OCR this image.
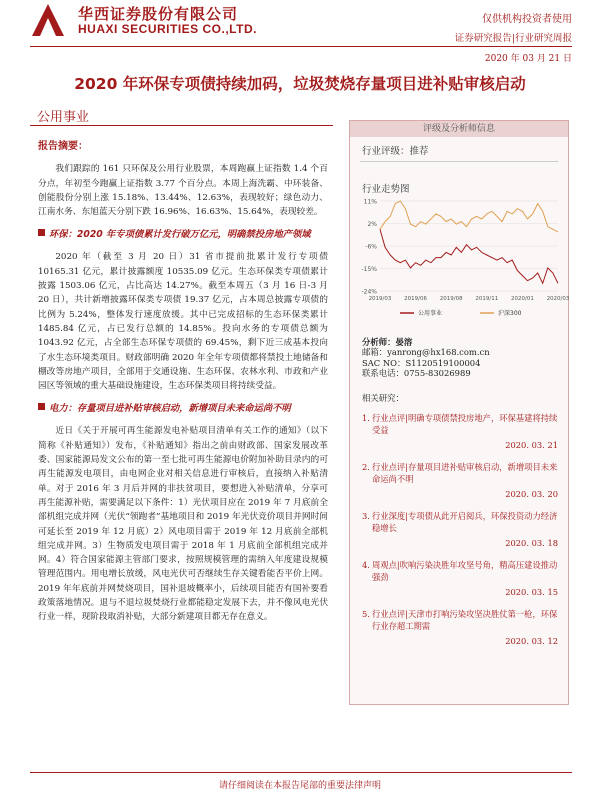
华西证券股份有限公司
HUAXI SECURITIES CO.,LTD.
仅供机构投资者使用
证券研究报告|行业研究周报
2020 年 03 月 21 日
2020 年环保专项债持续加码，垃圾焚烧存量项目进补贴审核启动
公用事业
报告摘要：
我们跟踪的 161 只环保及公用行业股票，本周跑赢上证指数 1.4 个百分点，年初至今跑赢上证指数 3.77 个百分点。本周上海洗霸、中环装备、创能股份分别上涨 15.18%、13.44%、12.63%，表现较好；绿色动力、江南水务、东旭蓝天分别下跌 16.96%、16.63%、15.64%，表现较差。
环保：2020 年专项债累计发行破万亿元，明确禁投房地产领域
2020 年（截至 3 月 20 日）31 省市提前批累计发行专项债 10165.31 亿元，累计披露额度 10535.09 亿元。生态环保类专项债累计披露 1503.06 亿元，占比高达 14.27%。截至本周五（3 月 16 日-3 月 20 日），共计新增披露环保类专项债 19.37 亿元，占本周总披露专项债的比例为 5.24%，整体发行速度放缓。其中已完成招标的生态环保类累计 1485.84 亿元，占已发行总额的 14.85%。投向水务的专项债总额为 1043.92 亿元，占全部生态环保专项债的 69.45%，剩下近三成基本投向了水生态环境类项目。财政部明确 2020 年全年专项债都将禁投土地储备和棚改等房地产项目，全部用于交通设施、生态环保、农林水利、市政和产业园区等领域的重大基础设施建设，生态环保类项目将持续受益。
电力：存量项目进补贴审核启动，新增项目未来命运尚不明
近日《关于开展可再生能源发电补贴项目清单有关工作的通知》（以下简称《补贴通知》）发布，《补贴通知》指出之前由财政部、国家发展改革委、国家能源局发文公布的第一至七批可再生能源电价附加补助目录内的可再生能源发电项目，由电网企业对相关信息进行审核后，直接纳入补贴清单。对于 2016 年 3 月后并网的非扶贫项目，要想进入补贴清单，分享可再生能源补贴，需要满足以下条件：1）光伏项目应在 2019 年 7 月底前全部机组完成并网（光伏“领跑者”基地项目和 2019 年光伏竞价项目并网时间可延长至 2019 年 12 月底）2）风电项目需于 2019 年 12 月底前全部机组完成并网。3）生物质发电项目需于 2018 年 1 月底前全部机组完成并网。4）符合国家能源主管部门要求，按照规模管理的需纳入年度建设规模管理范围内。用电增长放缓，风电光伏可否继续生存关键看能否平价上网。2019 年年底前并网焚烧项目，国补退坡概率小，后续项目能否有国补要看政策落地情况。退与不退垃圾焚烧行业都能稳定发展下去，并不像风电光伏行业一样，现阶段取消补贴，大部分新建项目都无存在意义。
评级及分析师信息
行业评级：推荐
行业走势图
11%
2%
-6%
-15%
-24%
2019/03 2019/06 2019/08 2019/11 2020/01 2020/03
公用事业	沪深300
分析师：晏溶
邮箱：yanrong@hx168.com.cn
SAC NO：S1120519100004
联系电话：0755-83026989
相关研究：
1. 行业点评|明确专项债禁投房地产，环保基建将持续受益
2020. 03. 21
2. 行业点评|存量项目进补贴审核启动，新增项目未来命运尚不明
2020. 03. 20
3. 行业深度|专项债从此开启阅兵，环保投资动力经济稳增长
2020. 03. 18
4. 周观点|吹响污染决胜年攻坚号角，精高压建设推动强劲
2020. 03. 15
5. 行业点评|天津市打响污染攻坚决胜仗第一枪，环保行业存超工期需
2020. 03. 12
请仔细阅读在本报告尾部的重要法律声明
